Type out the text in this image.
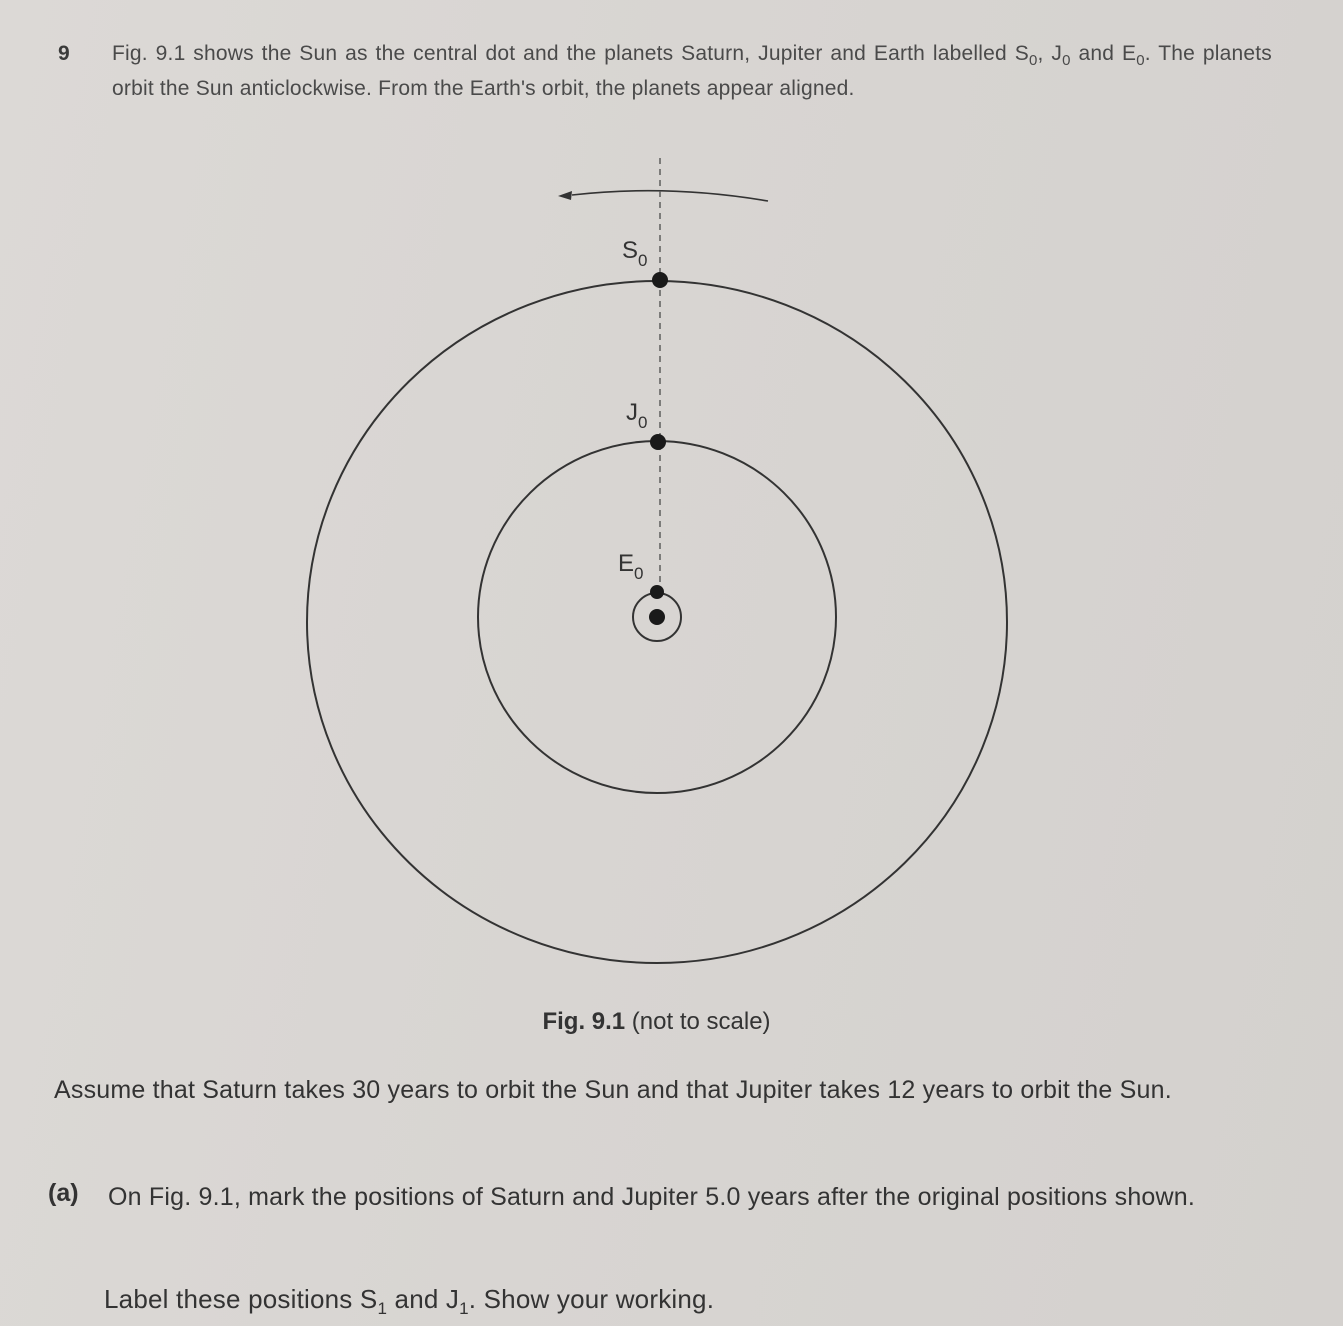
9 Fig. 9.1 shows the Sun as the central dot and the planets Saturn, Jupiter and Earth labelled $S_0$, $J_0$ and $E_0$. The planets orbit the Sun anticlockwise. From the Earth's orbit, the planets appear aligned.
$S_0$
$J_0$
$E_0$
Fig. 9.1 (not to scale)
Assume that Saturn takes 30 years to orbit the Sun and that Jupiter takes 12 years to orbit the Sun.
(a) On Fig. 9.1, mark the positions of Saturn and Jupiter 5.0 years after the original positions shown.
Label these positions $S_1$ and $J_1$. Show your working.
